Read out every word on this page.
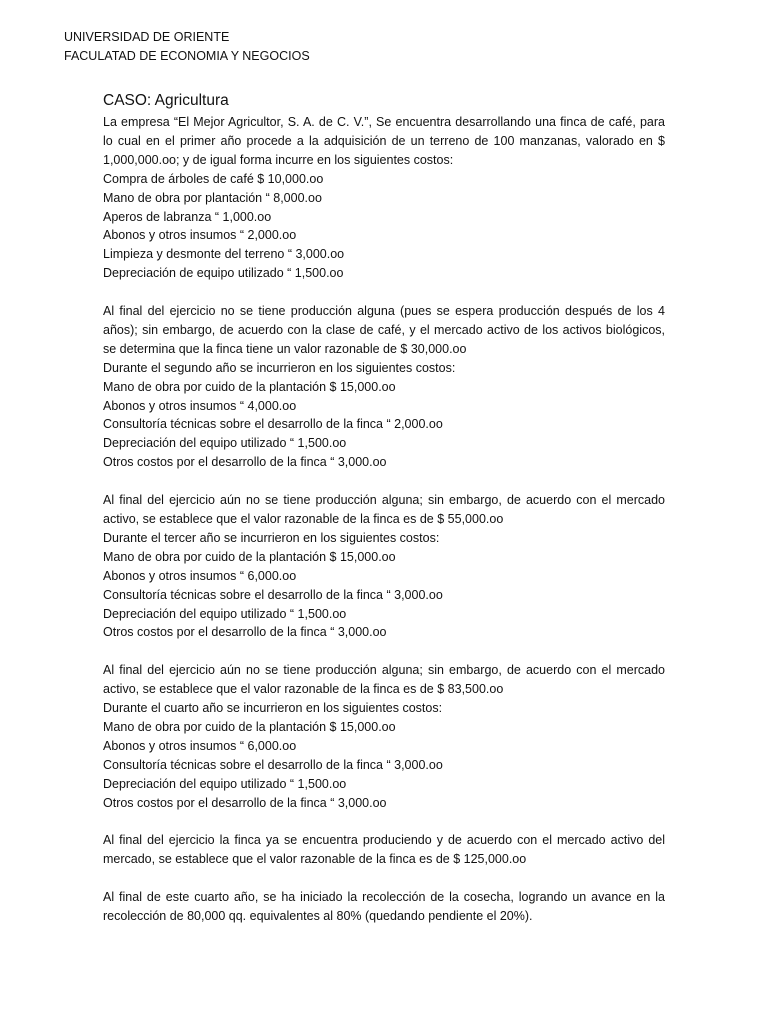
UNIVERSIDAD DE ORIENTE
FACULATAD DE ECONOMIA Y NEGOCIOS
CASO: Agricultura
La empresa “El Mejor Agricultor, S. A. de C. V.”, Se encuentra desarrollando una finca de café, para lo cual en el primer año procede a la adquisición de un terreno de 100 manzanas, valorado en $ 1,000,000.oo; y de igual forma incurre en los siguientes costos:
Compra de árboles de café $ 10,000.oo
Mano de obra por plantación “ 8,000.oo
Aperos de labranza “ 1,000.oo
Abonos y otros insumos “ 2,000.oo
Limpieza y desmonte del terreno “ 3,000.oo
Depreciación de equipo utilizado “ 1,500.oo
Al final del ejercicio no se tiene producción alguna (pues se espera producción después de los 4 años); sin embargo, de acuerdo con la clase de café, y el mercado activo de los activos biológicos, se determina que la finca tiene un valor razonable de $ 30,000.oo
Durante el segundo año se incurrieron en los siguientes costos:
Mano de obra por cuido de la plantación $ 15,000.oo
Abonos y otros insumos “ 4,000.oo
Consultoría técnicas sobre el desarrollo de la finca “ 2,000.oo
Depreciación del equipo utilizado “ 1,500.oo
Otros costos por el desarrollo de la finca “ 3,000.oo
Al final del ejercicio aún no se tiene producción alguna; sin embargo, de acuerdo con el mercado activo, se establece que el valor razonable de la finca es de $ 55,000.oo
Durante el tercer año se incurrieron en los siguientes costos:
Mano de obra por cuido de la plantación $ 15,000.oo
Abonos y otros insumos “ 6,000.oo
Consultoría técnicas sobre el desarrollo de la finca “ 3,000.oo
Depreciación del equipo utilizado “ 1,500.oo
Otros costos por el desarrollo de la finca “ 3,000.oo
Al final del ejercicio aún no se tiene producción alguna; sin embargo, de acuerdo con el mercado activo, se establece que el valor razonable de la finca es de $ 83,500.oo
Durante el cuarto año se incurrieron en los siguientes costos:
Mano de obra por cuido de la plantación $ 15,000.oo
Abonos y otros insumos “ 6,000.oo
Consultoría técnicas sobre el desarrollo de la finca “ 3,000.oo
Depreciación del equipo utilizado “ 1,500.oo
Otros costos por el desarrollo de la finca “ 3,000.oo
Al final del ejercicio la finca ya se encuentra produciendo y de acuerdo con el mercado activo del mercado, se establece que el valor razonable de la finca es de $ 125,000.oo
Al final de este cuarto año, se ha iniciado la recolección de la cosecha, logrando un avance en la recolección de 80,000 qq. equivalentes al 80% (quedando pendiente el 20%).
